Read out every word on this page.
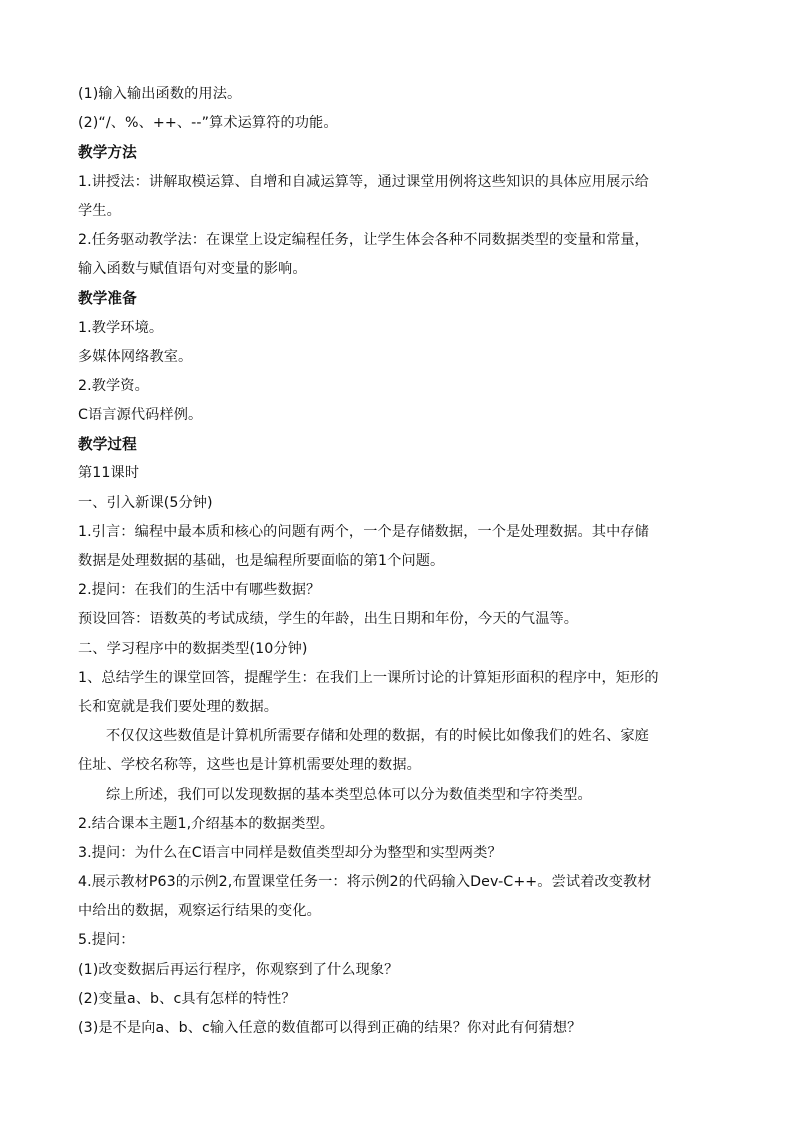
(1)输入输出函数的用法。
(2)“/、%、++、--”算术运算符的功能。
教学方法
1.讲授法：讲解取模运算、自增和自减运算等，通过课堂用例将这些知识的具体应用展示给
学生。
2.任务驱动教学法：在课堂上设定编程任务，让学生体会各种不同数据类型的变量和常量，
输入函数与赋值语句对变量的影响。
教学准备
1.教学环境。
多媒体网络教室。
2.教学资。
C语言源代码样例。
教学过程
第11课时
一、引入新课(5分钟)
1.引言：编程中最本质和核心的问题有两个，一个是存储数据，一个是处理数据。其中存储
数据是处理数据的基础，也是编程所要面临的第1个问题。
2.提问：在我们的生活中有哪些数据？
预设回答：语数英的考试成绩，学生的年龄，出生日期和年份，今天的气温等。
二、学习程序中的数据类型(10分钟)
1、总结学生的课堂回答，提醒学生：在我们上一课所讨论的计算矩形面积的程序中，矩形的
长和宽就是我们要处理的数据。
不仅仅这些数值是计算机所需要存储和处理的数据，有的时候比如像我们的姓名、家庭
住址、学校名称等，这些也是计算机需要处理的数据。
综上所述，我们可以发现数据的基本类型总体可以分为数值类型和字符类型。
2.结合课本主题1,介绍基本的数据类型。
3.提问：为什么在C语言中同样是数值类型却分为整型和实型两类？
4.展示教材P63的示例2,布置课堂任务一：将示例2的代码输入Dev-C++。尝试着改变教材
中给出的数据，观察运行结果的变化。
5.提问：
(1)改变数据后再运行程序，你观察到了什么现象？
(2)变量a、b、c具有怎样的特性？
(3)是不是向a、b、c输入任意的数值都可以得到正确的结果？你对此有何猜想？
